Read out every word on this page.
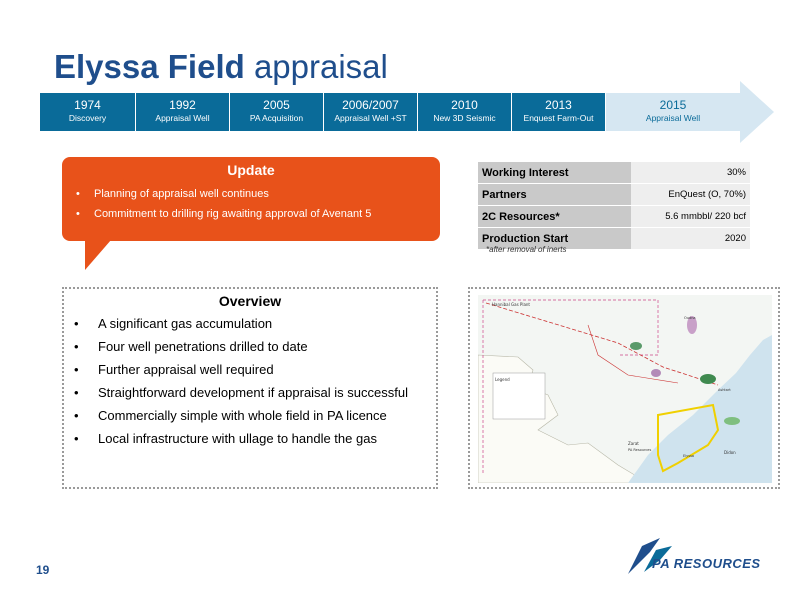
Elyssa Field appraisal
1974
Discovery
1992
Appraisal Well
2005
PA Acquisition
2006/2007
Appraisal Well +ST
2010
New 3D Seismic
2013
Enquest Farm-Out
2015
Appraisal Well
Update
• Planning of appraisal well continues
• Commitment to drilling rig awaiting approval of Avenant 5
Working Interest	30%
Partners	EnQuest (O, 70%)
2C Resources*	5.6 mmbbl/ 220 bcf
Production Start	2020
*after removal of inerts
Overview
• A significant gas accumulation
• Four well penetrations drilled to date
• Further appraisal well required
• Straightforward development if appraisal is successful
• Commercially simple with whole field in PA licence
• Local infrastructure with ullage to handle the gas
Legend
Hannibal Gas Plant
Zarat
PA Resources	Didon
Ashtart
Elyssa
Oudna
19	PA RESOURCES
